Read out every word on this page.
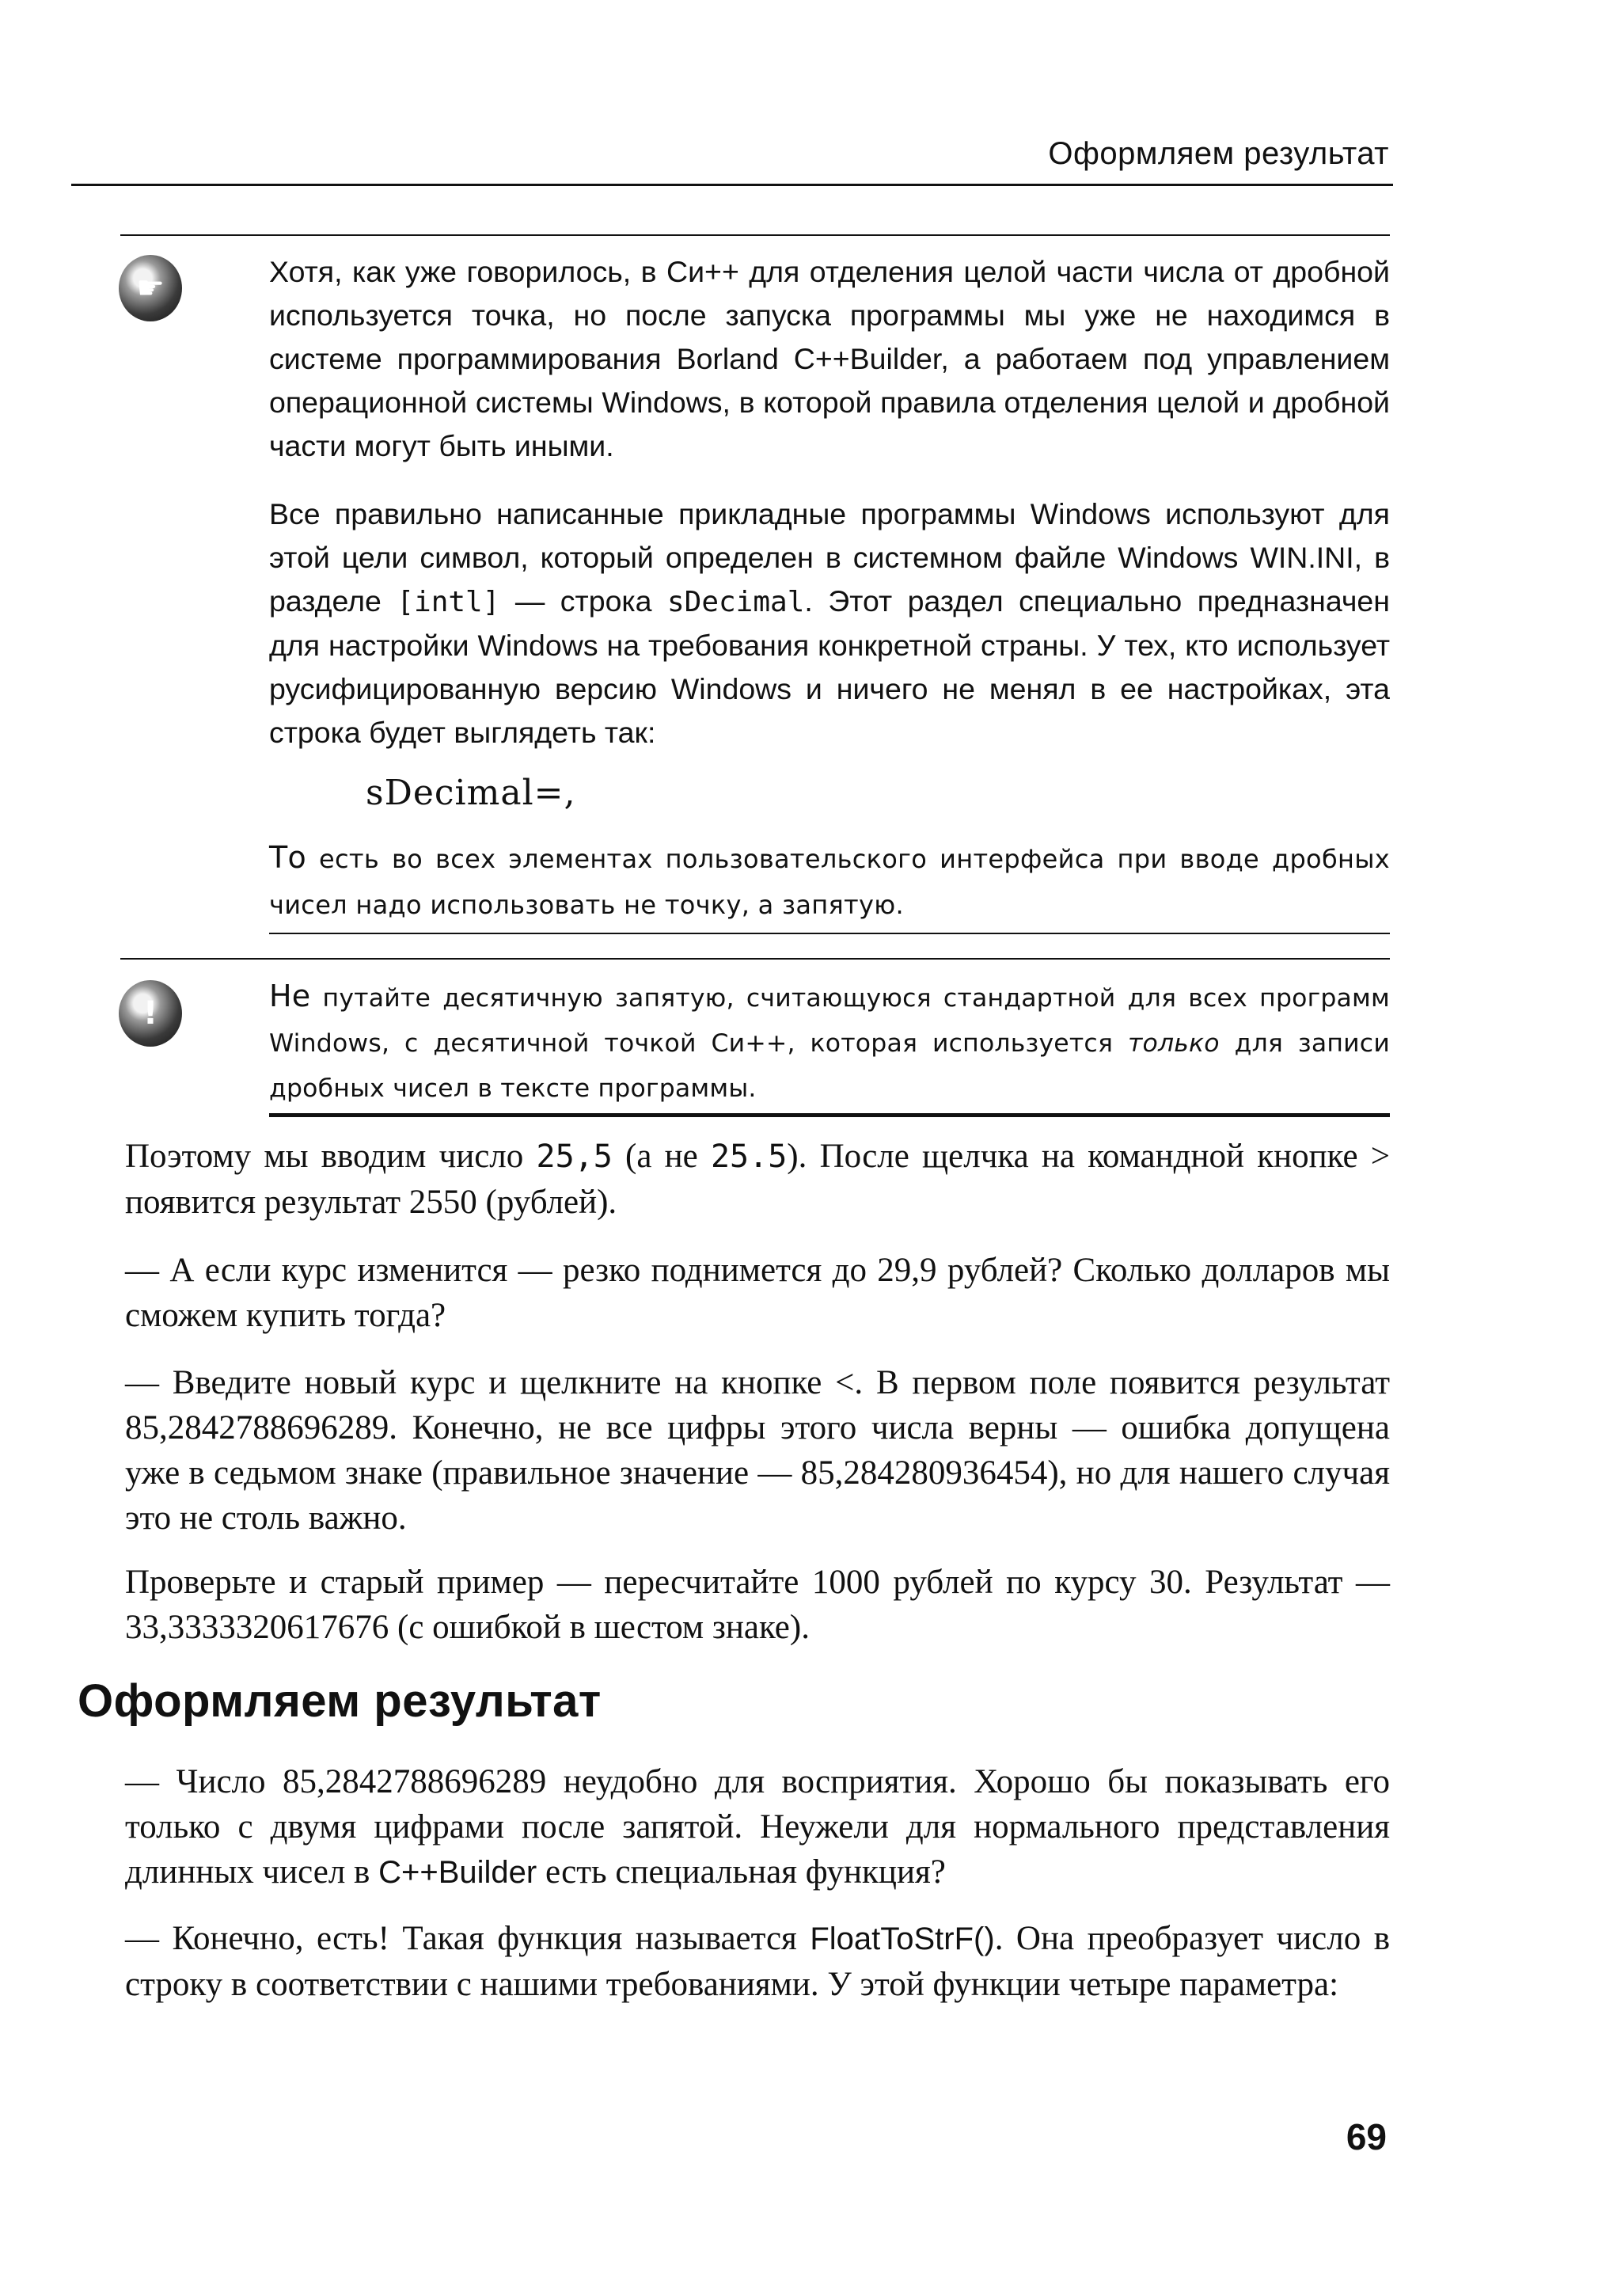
Оформляем результат
☛	Хотя, как уже говорилось, в Си++ для отделения целой части числа от дробной используется точка, но после запуска программы мы уже не находимся в системе программирования Borland C++Builder, а работаем под управлением операционной системы Windows, в которой правила отделения целой и дробной части могут быть иными.

Все правильно написанные прикладные программы Windows используют для этой цели символ, который определен в системном файле Windows WIN.INI, в разделе [intl] — строка sDecimal. Этот раздел специально предназначен для настройки Windows на требования конкретной страны. У тех, кто использует русифицированную версию Windows и ничего не менял в ее настройках, эта строка будет выглядеть так:

sDecimal=,

То есть во всех элементах пользовательского интерфейса при вводе дробных чисел надо использовать не точку, а запятую.

!	Не путайте десятичную запятую, считающуюся стандартной для всех программ Windows, с десятичной точкой Си++, которая используется только для записи дробных чисел в тексте программы.

Поэтому мы вводим число 25,5 (а не 25.5). После щелчка на командной кнопке > появится результат 2550 (рублей).

— А если курс изменится — резко поднимется до 29,9 рублей? Сколько долларов мы сможем купить тогда?

— Введите новый курс и щелкните на кнопке <. В первом поле появится результат 85,2842788696289. Конечно, не все цифры этого числа верны — ошибка допущена уже в седьмом знаке (правильное значение — 85,284280936454), но для нашего случая это не столь важно.

Проверьте и старый пример — пересчитайте 1000 рублей по курсу 30. Результат — 33,3333320617676 (с ошибкой в шестом знаке).

Оформляем результат

— Число 85,2842788696289 неудобно для восприятия. Хорошо бы показывать его только с двумя цифрами после запятой. Неужели для нормального представления длинных чисел в C++Builder есть специальная функция?

— Конечно, есть! Такая функция называется FloatToStrF(). Она преобразует число в строку в соответствии с нашими требованиями. У этой функции четыре параметра:

69
